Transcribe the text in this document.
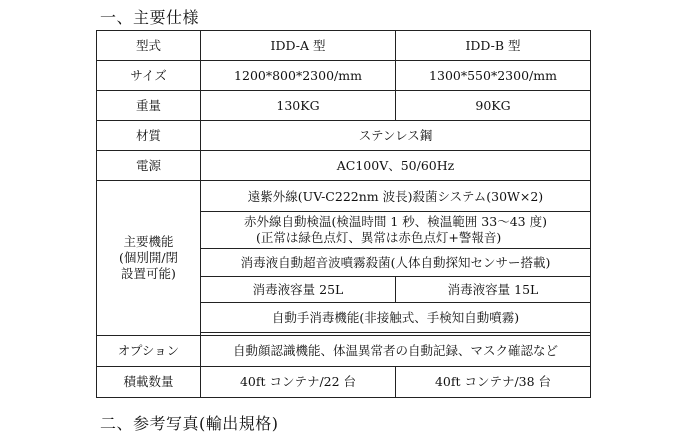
一、主要仕様
型式	IDD-A 型	IDD-B 型
サイズ	1200*800*2300/mm	1300*550*2300/mm
重量	130KG	90KG
材質	ステンレス鋼	
電源	AC100V、50/60Hz	

主要機能
(個別開/閉
設置可能)	遠紫外線(UV-C222nm 波長)殺菌システム(30W×2)	

	赤外線自動検温(検温時間 1 秒、検温範囲 33～43 度)
(正常は緑色点灯、異常は赤色点灯+警報音)	

	消毒液自動超音波噴霧殺菌(人体自動探知センサー搭載)	
	消毒液容量 25L	消毒液容量 15L
	自動手消毒機能(非接触式、手検知自動噴霧)	

オプション	自動顔認識機能、体温異常者の自動記録、マスク確認など	
積載数量	40ft コンテナ/22 台	40ft コンテナ/38 台
二、参考写真(輸出規格)
